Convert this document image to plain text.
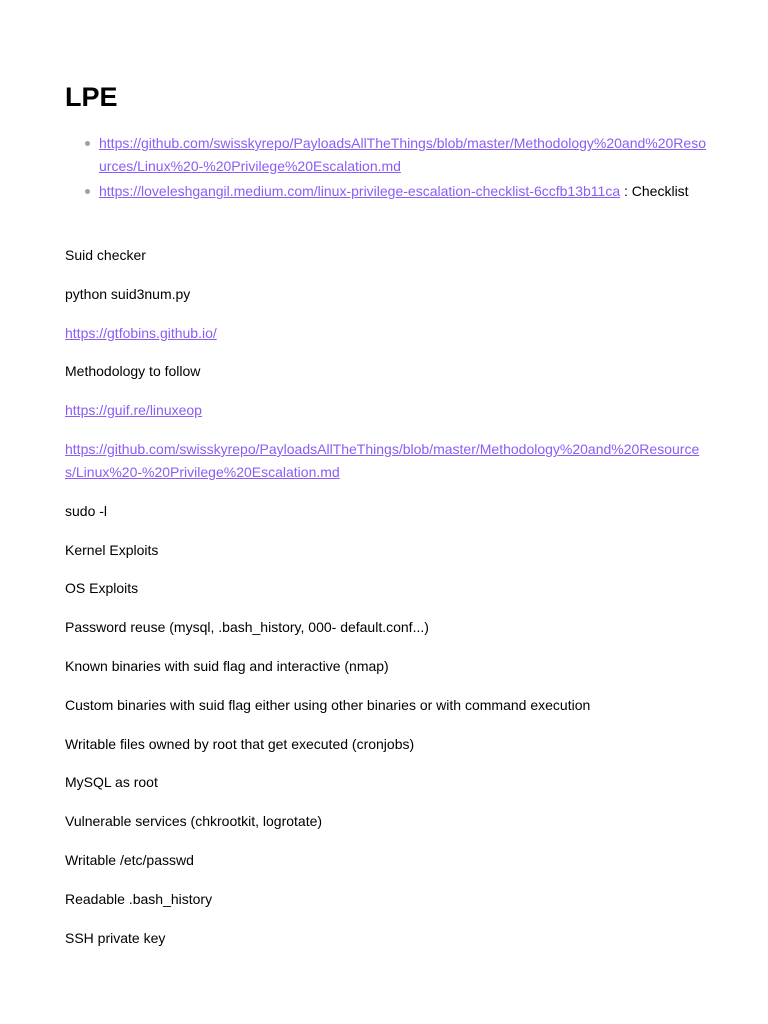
LPE
https://github.com/swisskyrepo/PayloadsAllTheThings/blob/master/Methodology%20and%20Resources/Linux%20-%20Privilege%20Escalation.md
https://loveleshgangil.medium.com/linux-privilege-escalation-checklist-6ccfb13b11ca : Checklist

Suid checker

python suid3num.py

https://gtfobins.github.io/

Methodology to follow

https://guif.re/linuxeop

https://github.com/swisskyrepo/PayloadsAllTheThings/blob/master/Methodology%20and%20Resources/Linux%20-%20Privilege%20Escalation.md

sudo -l

Kernel Exploits

OS Exploits

Password reuse (mysql, .bash_history, 000- default.conf...)

Known binaries with suid flag and interactive (nmap)

Custom binaries with suid flag either using other binaries or with command execution

Writable files owned by root that get executed (cronjobs)

MySQL as root

Vulnerable services (chkrootkit, logrotate)

Writable /etc/passwd

Readable .bash_history

SSH private key
